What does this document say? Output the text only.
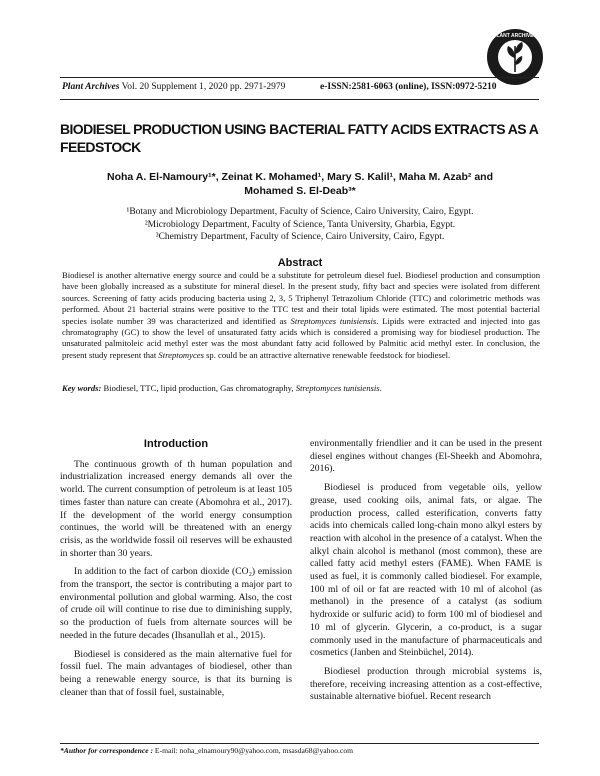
PLANT ARCHIVES
Plant Archives Vol. 20 Supplement 1, 2020 pp. 2971-2979	e-ISSN:2581-6063 (online), ISSN:0972-5210
BIODIESEL PRODUCTION USING BACTERIAL FATTY ACIDS EXTRACTS AS A FEEDSTOCK
Noha A. El-Namoury¹*, Zeinat K. Mohamed¹, Mary S. Kalil¹, Maha M. Azab² and Mohamed S. El-Deab³*
¹Botany and Microbiology Department, Faculty of Science, Cairo University, Cairo, Egypt.
²Microbiology Department, Faculty of Science, Tanta University, Gharbia, Egypt.
³Chemistry Department, Faculty of Science, Cairo University, Cairo, Egypt.
Abstract
Biodiesel is another alternative energy source and could be a substitute for petroleum diesel fuel. Biodiesel production and consumption have been globally increased as a substitute for mineral diesel. In the present study, fifty bact and species were isolated from different sources. Screening of fatty acids producing bacteria using 2, 3, 5 Triphenyl Tetrazolium Chloride (TTC) and colorimetric methods was performed. About 21 bacterial strains were positive to the TTC test and their total lipids were estimated. The most potential bacterial species isolate number 39 was characterized and identified as Streptomyces tunisiensis. Lipids were extracted and injected into gas chromatography (GC) to show the level of unsaturated fatty acids which is considered a promising way for biodiesel production. The unsaturated palmitoleic acid methyl ester was the most abundant fatty acid followed by Palmitic acid methyl ester. In conclusion, the present study represent that Streptomyces sp. could be an attractive alternative renewable feedstock for biodiesel.
Key words: Biodiesel, TTC, lipid production, Gas chromatography, Streptomyces tunisiensis.
Introduction

The continuous growth of th human population and industrialization increased energy demands all over the world. The current consumption of petroleum is at least 105 times faster than nature can create (Abomohra et al., 2017). If the development of the world energy consumption continues, the world will be threatened with an energy crisis, as the worldwide fossil oil reserves will be exhausted in shorter than 30 years.

In addition to the fact of carbon dioxide (CO₂) emission from the transport, the sector is contributing a major part to environmental pollution and global warming. Also, the cost of crude oil will continue to rise due to diminishing supply, so the production of fuels from alternate sources will be needed in the future decades (Ihsanullah et al., 2015).

Biodiesel is considered as the main alternative fuel for fossil fuel. The main advantages of biodiesel, other than being a renewable energy source, is that its burning is cleaner than that of fossil fuel, sustainable,

environmentally friendlier and it can be used in the present diesel engines without changes (El-Sheekh and Abomohra, 2016).

Biodiesel is produced from vegetable oils, yellow grease, used cooking oils, animal fats, or algae. The production process, called esterification, converts fatty acids into chemicals called long-chain mono alkyl esters by reaction with alcohol in the presence of a catalyst. When the alkyl chain alcohol is methanol (most common), these are called fatty acid methyl esters (FAME). When FAME is used as fuel, it is commonly called biodiesel. For example, 100 ml of oil or fat are reacted with 10 ml of alcohol (as methanol) in the presence of a catalyst (as sodium hydroxide or sulfuric acid) to form 100 ml of biodiesel and 10 ml of glycerin. Glycerin, a co-product, is a sugar commonly used in the manufacture of pharmaceuticals and cosmetics (Janben and Steinbüchel, 2014).

Biodiesel production through microbial systems is, therefore, receiving increasing attention as a cost-effective, sustainable alternative biofuel. Recent research

*Author for correspondence : E-mail: noha_elnamoury90@yahoo.com, msasda68@yahoo.com
